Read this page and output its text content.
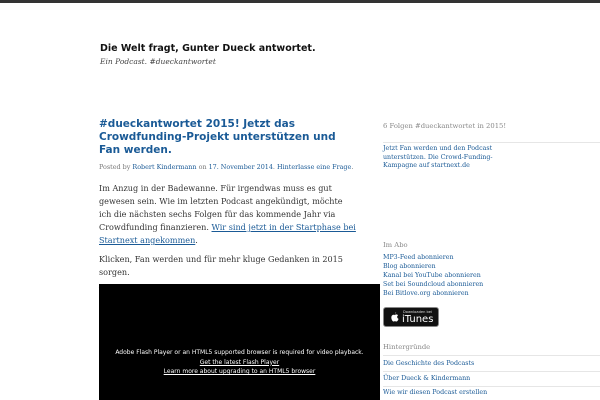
Die Welt fragt, Gunter Dueck antwortet.
Ein Podcast. #dueckantwortet
#dueckantwortet 2015! Jetzt das Crowdfunding-Projekt unterstützen und Fan werden.
Posted by Robert Kindermann on 17. November 2014. Hinterlasse eine Frage.

Im Anzug in der Badewanne. Für irgendwas muss es gut gewesen sein. Wie im letzten Podcast angekündigt, möchte ich die nächsten sechs Folgen für das kommende Jahr via Crowdfunding finanzieren. Wir sind jetzt in der Startphase bei Startnext angekommen.

Klicken, Fan werden und für mehr kluge Gedanken in 2015 sorgen.

Adobe Flash Player or an HTML5 supported browser is required for video playback.
Get the latest Flash Player
Learn more about upgrading to an HTML5 browser
6 Folgen #dueckantwortet in 2015!
Jetzt Fan werden und den Podcast unterstützen. Die Crowd-Funding-Kampagne auf startnext.de
Im Abo
MP3-Feed abonnieren
Blog abonnieren
Kanal bei YouTube abonnieren
Set bei Soundcloud abonnieren
Bei Bitlove.org abonnieren
Hintergründe
Die Geschichte des Podcasts
Über Dueck & Kindermann
Wie wir diesen Podcast erstellen
Downloaden bei
iTunes
